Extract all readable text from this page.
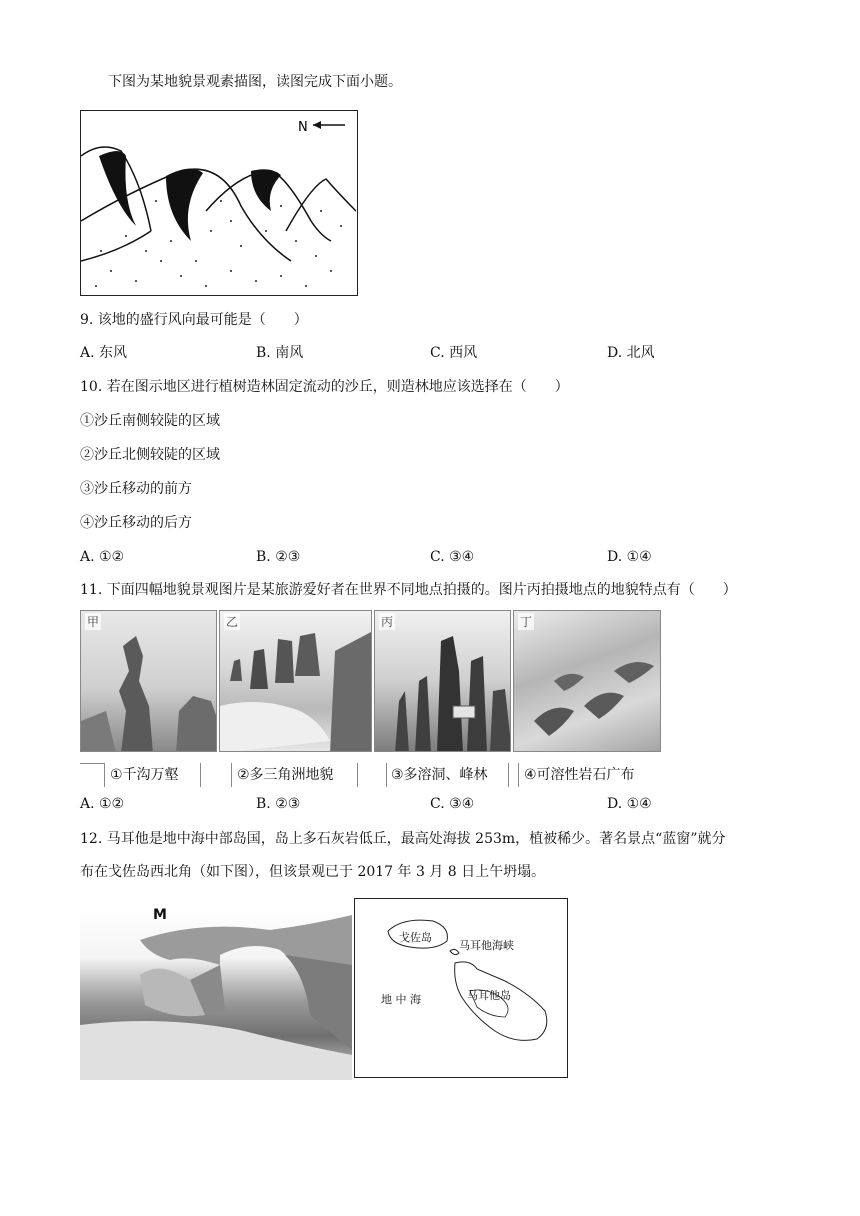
下图为某地貌景观素描图，读图完成下面小题。
N
9. 该地的盛行风向最可能是（　　）
A. 东风	B. 南风	C. 西风	D. 北风
10. 若在图示地区进行植树造林固定流动的沙丘，则造林地应该选择在（　　）
①沙丘南侧较陡的区域
②沙丘北侧较陡的区域
③沙丘移动的前方
④沙丘移动的后方
A. ①②	B. ②③	C. ③④	D. ①④
11. 下面四幅地貌景观图片是某旅游爱好者在世界不同地点拍摄的。图片丙拍摄地点的地貌特点有（　　）
甲	乙	丙	丁
①千沟万壑	②多三角洲地貌	③多溶洞、峰林	④可溶性岩石广布
A. ①②	B. ②③	C. ③④	D. ①④
12. 马耳他是地中海中部岛国，岛上多石灰岩低丘，最高处海拔 253m，植被稀少。著名景点“蓝窗”就分
布在戈佐岛西北角（如下图），但该景观已于 2017 年 3 月 8 日上午坍塌。
M
戈佐岛
马耳他海峡
地 中 海	马耳他岛
